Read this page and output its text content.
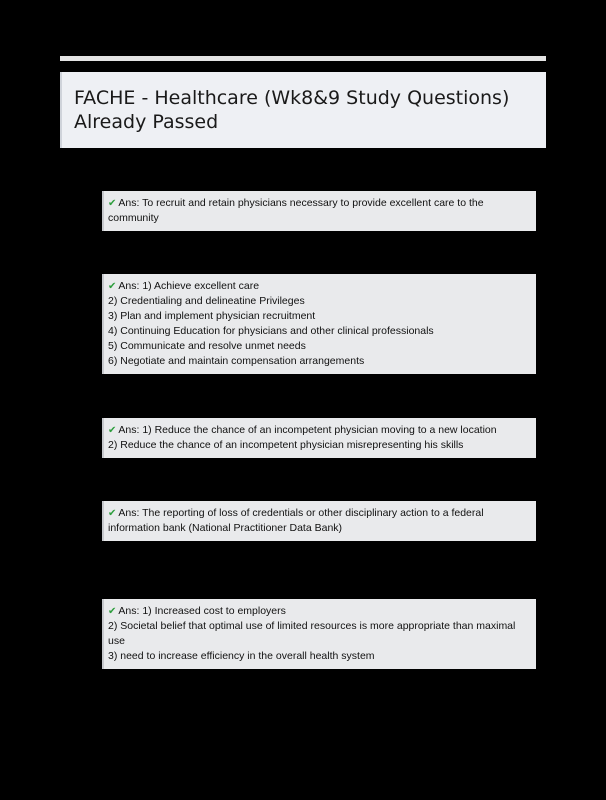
FACHE - Healthcare (Wk8&9 Study Questions) Already Passed
✔ Ans: To recruit and retain physicians necessary to provide excellent care to the community
✔ Ans: 1) Achieve excellent care
2) Credentialing and delineatine Privileges
3) Plan and implement physician recruitment
4) Continuing Education for physicians and other clinical professionals
5) Communicate and resolve unmet needs
6) Negotiate and maintain compensation arrangements
✔ Ans: 1) Reduce the chance of an incompetent physician moving to a new location
2) Reduce the chance of an incompetent physician misrepresenting his skills
✔ Ans: The reporting of loss of credentials or other disciplinary action to a federal information bank (National Practitioner Data Bank)
✔ Ans: 1) Increased cost to employers
2) Societal belief that optimal use of limited resources is more appropriate than maximal use
3) need to increase efficiency in the overall health system
